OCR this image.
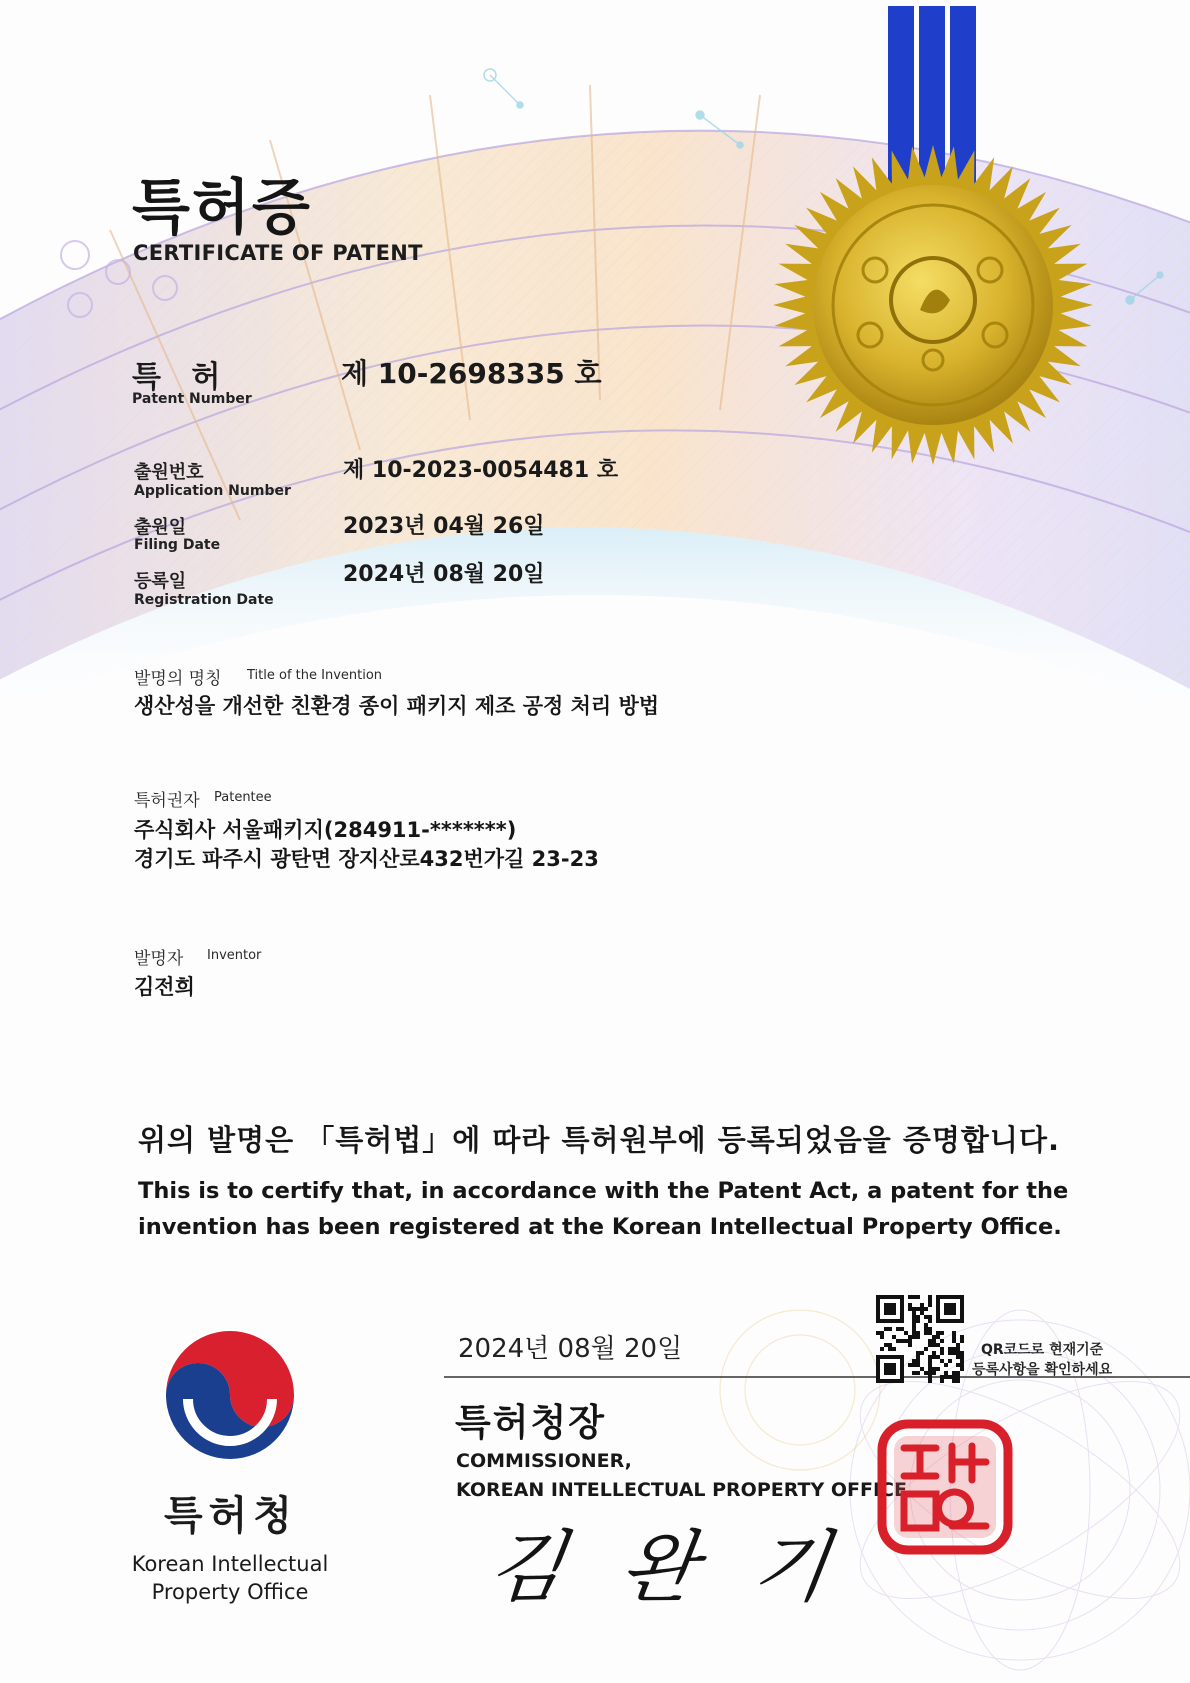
특허증
CERTIFICATE OF PATENT
특 허
Patent Number
제 10-2698335 호
출원번호
Application Number
제 10-2023-0054481 호
출원일
Filing Date
2023년 04월 26일
등록일
Registration Date
2024년 08월 20일
발명의 명칭 Title of the Invention
생산성을 개선한 친환경 종이 패키지 제조 공정 처리 방법
특허권자 Patentee
주식회사 서울패키지(284911-*******)
경기도 파주시 광탄면 장지산로432번가길 23-23
발명자 Inventor
김전희
위의 발명은 「특허법」에 따라 특허원부에 등록되었음을 증명합니다.
This is to certify that, in accordance with the Patent Act, a patent for the
invention has been registered at the Korean Intellectual Property Office.
특허청
Korean Intellectual Property Office
2024년 08월 20일	QR코드로 현재기준
등록사항을 확인하세요
특허청장
COMMISSIONER,
KOREAN INTELLECTUAL PROPERTY OFFICE
김 완 기
